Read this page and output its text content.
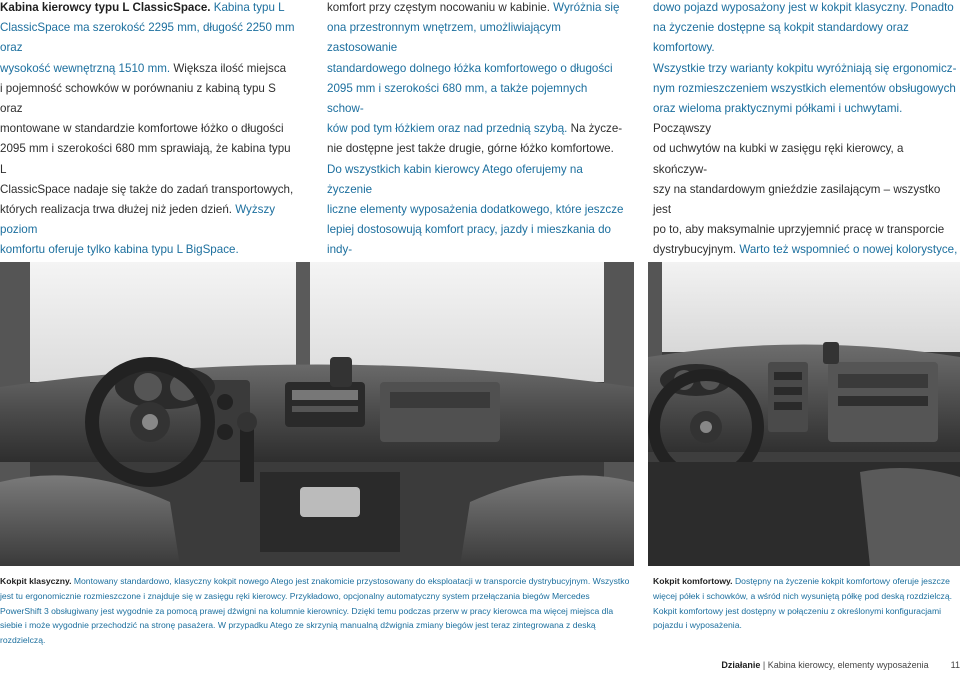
Kabina kierowcy typu L ClassicSpace. Kabina typu L
ClassicSpace ma szerokość 2295 mm, długość 2250 mm oraz
wysokość wewnętrzną 1510 mm. Większa ilość miejsca
i pojemność schowków w porównaniu z kabiną typu S oraz
montowane w standardzie komfortowe łóżko o długości
2095 mm i szerokości 680 mm sprawiają, że kabina typu L
ClassicSpace nadaje się także do zadań transportowych,
których realizacja trwa dłużej niż jeden dzień. Wyższy poziom
komfortu oferuje tylko kabina typu L BigSpace.

komfort przy częstym nocowaniu w kabinie. Wyróżnia się
ona przestronnym wnętrzem, umożliwiającym zastosowanie
standardowego dolnego łóżka komfortowego o długości
2095 mm i szerokości 680 mm, a także pojemnych schow-
ków pod tym łóżkiem oraz nad przednią szybą. Na życze-
nie dostępne jest także drugie, górne łóżko komfortowe.
Do wszystkich kabin kierowcy Atego oferujemy na życzenie
liczne elementy wyposażenia dodatkowego, które jeszcze
lepiej dostosowują komfort pracy, jazdy i mieszkania do indy-

dowo pojazd wyposażony jest w kokpit klasyczny. Ponadto
na życzenie dostępne są kokpit standardowy oraz komfortowy.
Wszystkie trzy warianty kokpitu wyróżniają się ergonomicz-
nym rozmieszczeniem wszystkich elementów obsługowych
oraz wieloma praktycznymi półkami i uchwytami. Począwszy
od uchwytów na kubki w zasięgu ręki kierowcy, a skończyw-
szy na standardowym gnieździe zasilającym – wszystko jest
po to, aby maksymalnie uprzyjemnić pracę w transporcie
dystrybucyjnym. Warto też wspomnieć o nowej kolorystyce,

Kokpit klasyczny. Montowany standardowo, klasyczny kokpit nowego Atego jest znakomicie przystosowany do eksploatacji w transporcie dystrybucyjnym. Wszystko jest tu ergonomicznie rozmieszczone i znajduje się w zasięgu ręki kierowcy. Przykładowo, opcjonalny automatyczny system przełączania biegów Mercedes PowerShift 3 obsługiwany jest wygodnie za pomocą prawej dźwigni na kolumnie kierownicy. Dzięki temu podczas przerw w pracy kierowca ma więcej miejsca dla siebie i może wygodnie przechodzić na stronę pasażera. W przypadku Atego ze skrzynią manualną dźwignia zmiany biegów jest teraz zintegrowana z deską rozdzielczą.
Kokpit komfortowy. Dostępny na życzenie kokpit komfortowy oferuje jeszcze więcej półek i schowków, a wśród nich wysuniętą półkę pod deską rozdzielczą. Kokpit komfortowy jest dostępny w połączeniu z określonymi konfiguracjami pojazdu i wyposażenia.
Działanie | Kabina kierowcy, elementy wyposażenia 11
